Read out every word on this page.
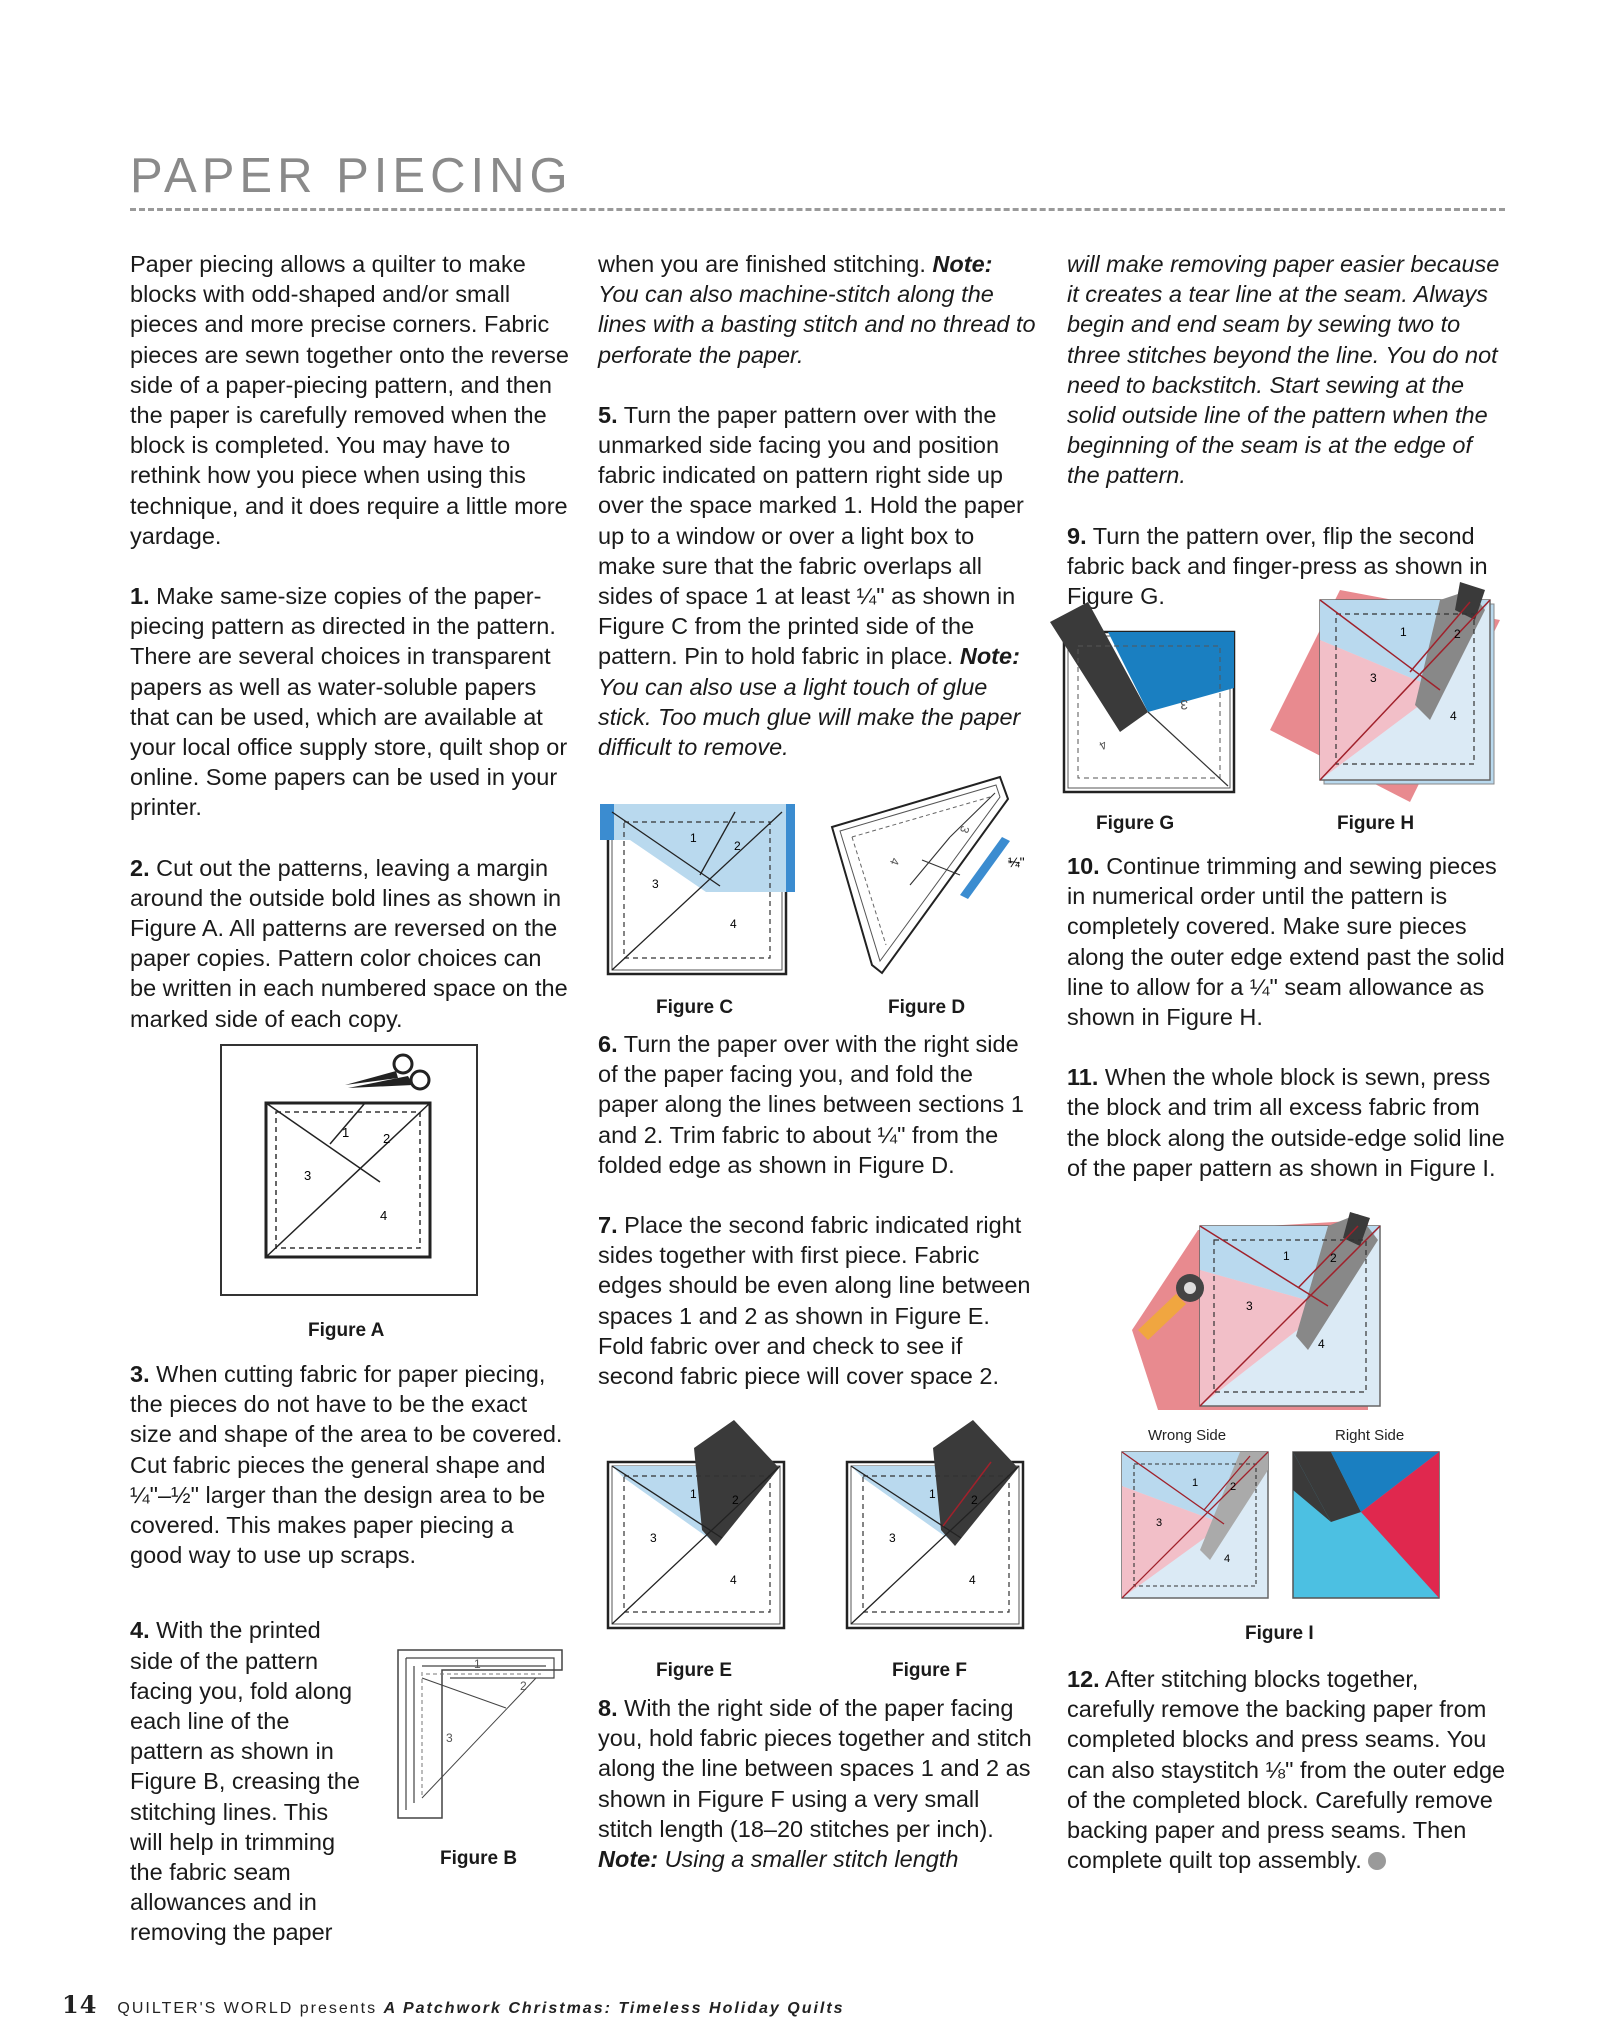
PAPER PIECING

Paper piecing allows a quilter to make blocks with odd-shaped and/or small pieces and more precise corners. Fabric pieces are sewn together onto the reverse side of a paper-piecing pattern, and then the paper is carefully removed when the block is completed. You may have to rethink how you piece when using this technique, and it does require a little more yardage.

1. Make same-size copies of the paper-piecing pattern as directed in the pattern. There are several choices in transparent papers as well as water-soluble papers that can be used, which are available at your local office supply store, quilt shop or online. Some papers can be used in your printer.

2. Cut out the patterns, leaving a margin around the outside bold lines as shown in Figure A. All patterns are reversed on the paper copies. Pattern color choices can be written in each numbered space on the marked side of each copy.

1	2
3
4
Figure A

3. When cutting fabric for paper piecing, the pieces do not have to be the exact size and shape of the area to be covered. Cut fabric pieces the general shape and ¼"–½" larger than the design area to be covered. This makes paper piecing a good way to use up scraps.

4. With the printed side of the pattern facing you, fold along each line of the pattern as shown in Figure B, creasing the stitching lines. This will help in trimming the fabric seam allowances and in removing the paper

1
2
3
Figure B

when you are finished stitching. Note: You can also machine-stitch along the lines with a basting stitch and no thread to perforate the paper.

5. Turn the paper pattern over with the unmarked side facing you and position fabric indicated on pattern right side up over the space marked 1. Hold the paper up to a window or over a light box to make sure that the fabric overlaps all sides of space 1 at least ¼" as shown in Figure C from the printed side of the pattern. Pin to hold fabric in place. Note: You can also use a light touch of glue stick. Too much glue will make the paper difficult to remove.

1
2
3
4
Figure C
4
3
¼"
Figure D

6. Turn the paper over with the right side of the paper facing you, and fold the paper along the lines between sections 1 and 2. Trim fabric to about ¼" from the folded edge as shown in Figure D.

7. Place the second fabric indicated right sides together with first piece. Fabric edges should be even along line between spaces 1 and 2 as shown in Figure E. Fold fabric over and check to see if second fabric piece will cover space 2.

1	2
3
4
Figure E
1	2
3
4
Figure F

8. With the right side of the paper facing you, hold fabric pieces together and stitch along the line between spaces 1 and 2 as shown in Figure F using a very small stitch length (18–20 stitches per inch). Note: Using a smaller stitch length

will make removing paper easier because it creates a tear line at the seam. Always begin and end seam by sewing two to three stitches beyond the line. You do not need to backstitch. Start sewing at the solid outside line of the pattern when the beginning of the seam is at the edge of the pattern.

9. Turn the pattern over, flip the second fabric back and finger-press as shown in Figure G.

3
4
Figure G
1	2
3
4
Figure H

10. Continue trimming and sewing pieces in numerical order until the pattern is completely covered. Make sure pieces along the outer edge extend past the solid line to allow for a ¼" seam allowance as shown in Figure H.

11. When the whole block is sewn, press the block and trim all excess fabric from the block along the outside-edge solid line of the paper pattern as shown in Figure I.

1	2
3
4
Wrong Side	Right Side
1	2
3
4
Figure I

12. After stitching blocks together, carefully remove the backing paper from completed blocks and press seams. You can also staystitch ⅛" from the outer edge of the completed block. Carefully remove backing paper and press seams. Then complete quilt top assembly.

14 QUILTER'S WORLD presents A Patchwork Christmas: Timeless Holiday Quilts
